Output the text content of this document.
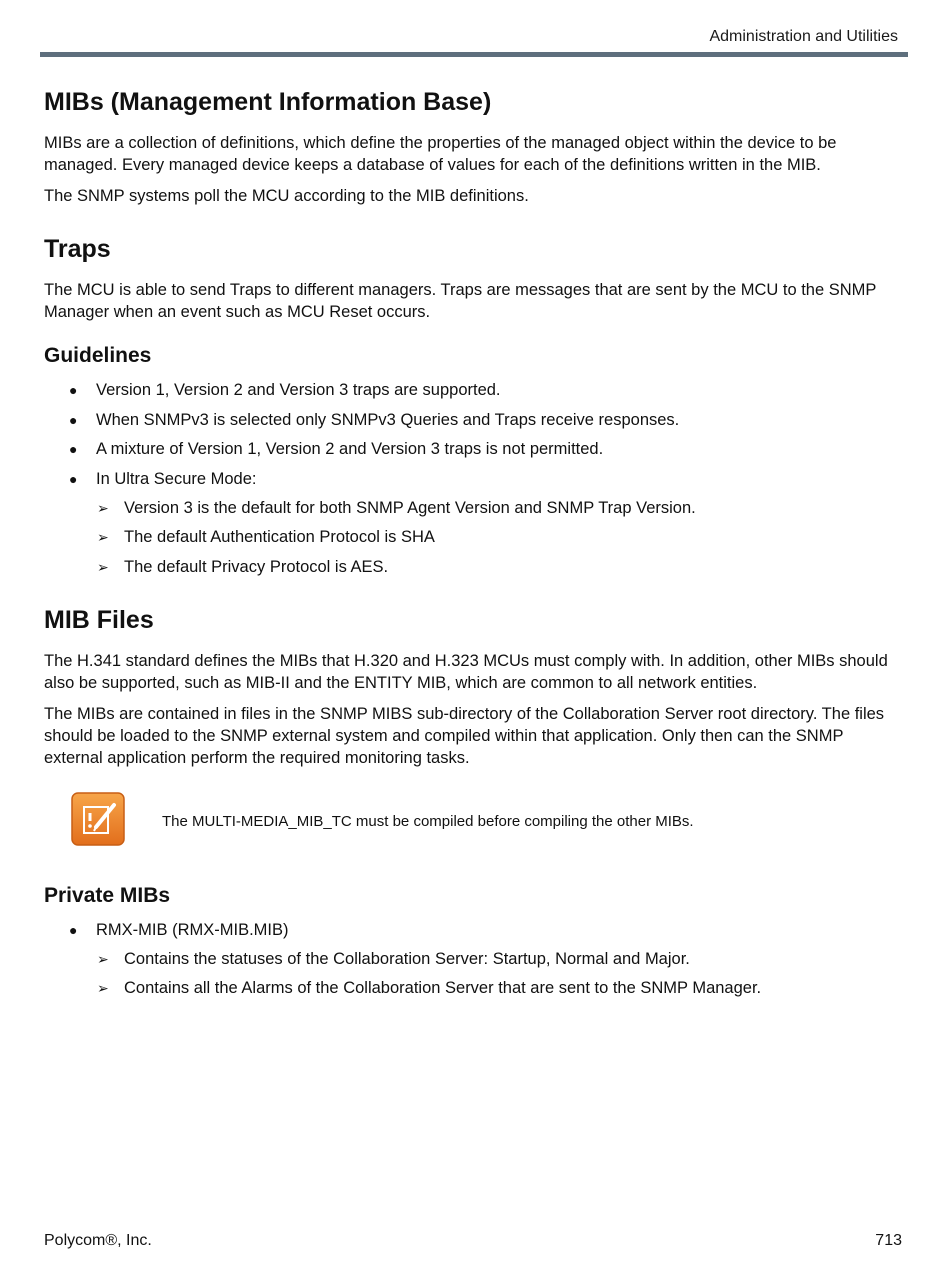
Administration and Utilities
MIBs (Management Information Base)

MIBs are a collection of definitions, which define the properties of the managed object within the device to be managed. Every managed device keeps a database of values for each of the definitions written in the MIB.

The SNMP systems poll the MCU according to the MIB definitions.

Traps

The MCU is able to send Traps to different managers. Traps are messages that are sent by the MCU to the SNMP Manager when an event such as MCU Reset occurs.

Guidelines
● Version 1, Version 2 and Version 3 traps are supported.
● When SNMPv3 is selected only SNMPv3 Queries and Traps receive responses.
● A mixture of Version 1, Version 2 and Version 3 traps is not permitted.
● In Ultra Secure Mode:
➢ Version 3 is the default for both SNMP Agent Version and SNMP Trap Version.
➢ The default Authentication Protocol is SHA
➢ The default Privacy Protocol is AES.
MIB Files

The H.341 standard defines the MIBs that H.320 and H.323 MCUs must comply with. In addition, other MIBs should also be supported, such as MIB-II and the ENTITY MIB, which are common to all network entities.

The MIBs are contained in files in the SNMP MIBS sub-directory of the Collaboration Server root directory. The files should be loaded to the SNMP external system and compiled within that application. Only then can the SNMP external application perform the required monitoring tasks.

The MULTI-MEDIA_MIB_TC must be compiled before compiling the other MIBs.
Private MIBs
● RMX-MIB (RMX-MIB.MIB)
➢ Contains the statuses of the Collaboration Server: Startup, Normal and Major.
➢ Contains all the Alarms of the Collaboration Server that are sent to the SNMP Manager.
Polycom®, Inc.	713
